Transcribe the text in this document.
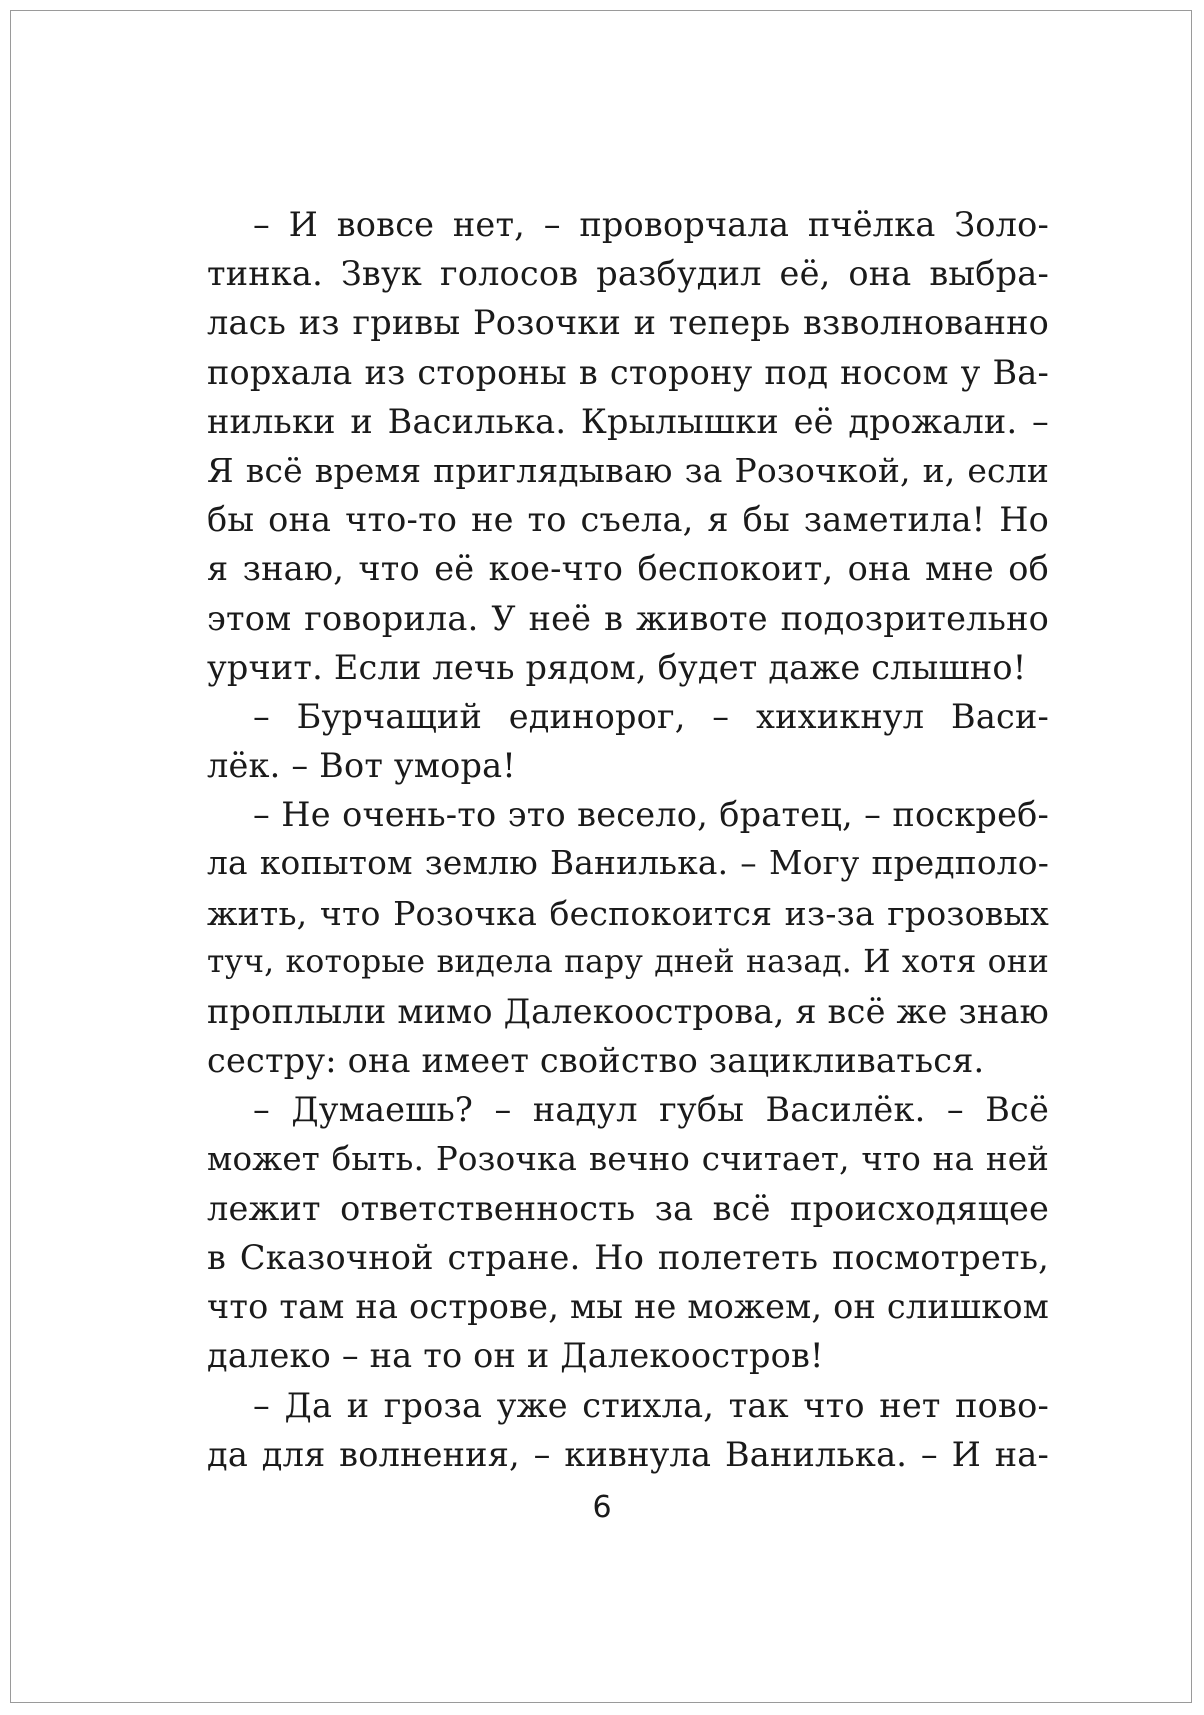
– И вовсе нет, – проворчала пчёлка Золо-
тинка. Звук голосов разбудил её, она выбра-
лась из гривы Розочки и теперь взволнованно
порхала из стороны в сторону под носом у Ва-
нильки и Василька. Крылышки её дрожали. –
Я всё время приглядываю за Розочкой, и, если
бы она что-то не то съела, я бы заметила! Но
я знаю, что её кое-что беспокоит, она мне об
этом говорила. У неё в животе подозрительно
урчит. Если лечь рядом, будет даже слышно!
– Бурчащий единорог, – хихикнул Васи-
лёк. – Вот умора!
– Не очень-то это весело, братец, – поскреб-
ла копытом землю Ванилька. – Могу предполо-
жить, что Розочка беспокоится из-за грозовых
туч, которые видела пару дней назад. И хотя они
проплыли мимо Далекоострова, я всё же знаю
сестру: она имеет свойство зацикливаться.
– Думаешь? – надул губы Василёк. – Всё
может быть. Розочка вечно считает, что на ней
лежит ответственность за всё происходящее
в Сказочной стране. Но полететь посмотреть,
что там на острове, мы не можем, он слишком
далеко – на то он и Далекоостров!
– Да и гроза уже стихла, так что нет пово-
да для волнения, – кивнула Ванилька. – И на-
6
